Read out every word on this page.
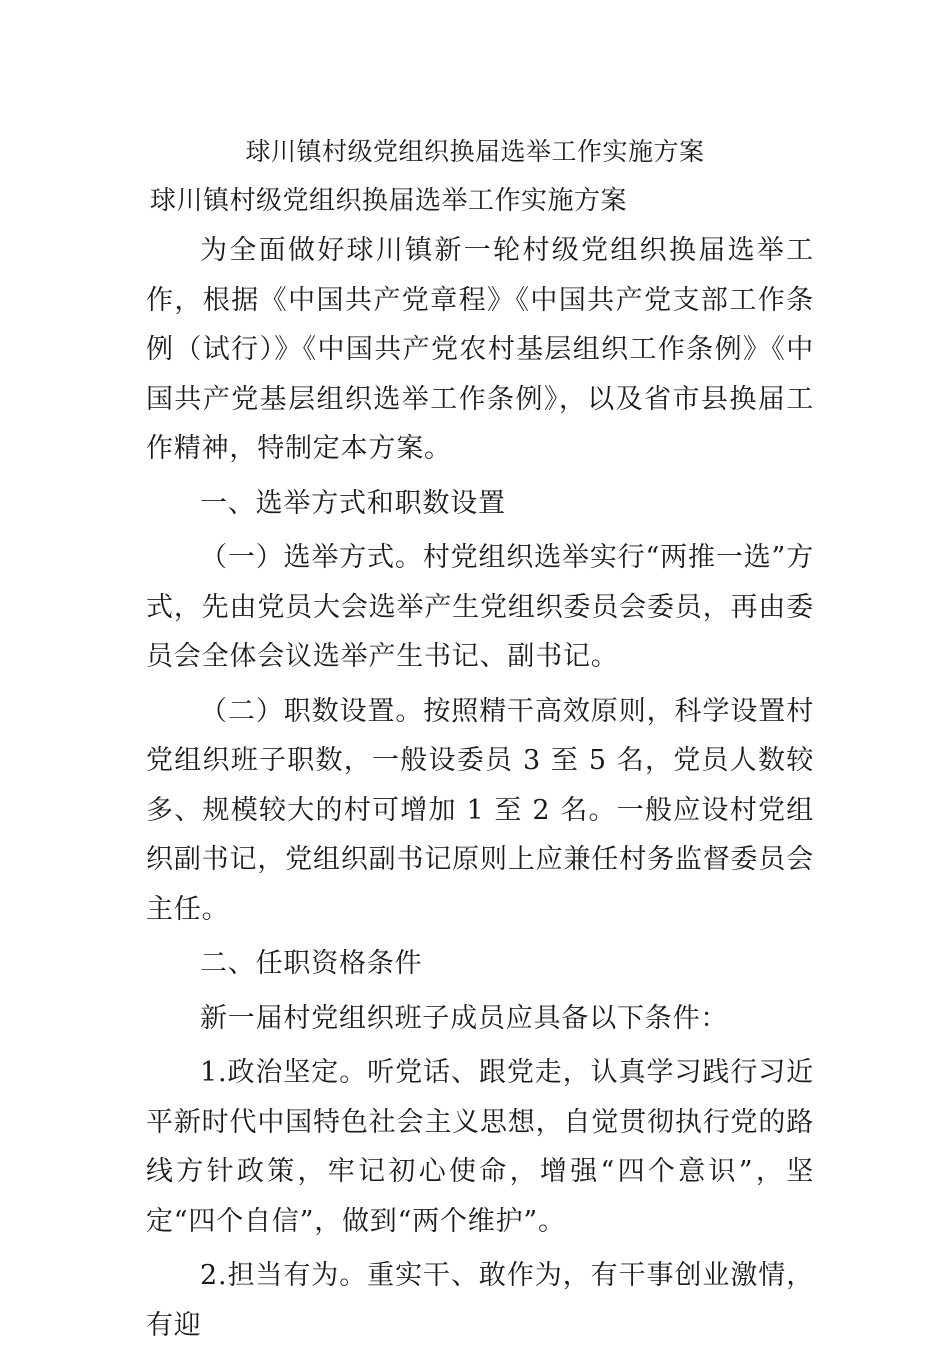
球川镇村级党组织换届选举工作实施方案
球川镇村级党组织换届选举工作实施方案

为全面做好球川镇新一轮村级党组织换届选举工作，根据《中国共产党章程》《中国共产党支部工作条例（试行）》《中国共产党农村基层组织工作条例》《中国共产党基层组织选举工作条例》，以及省市县换届工作精神，特制定本方案。

一、选举方式和职数设置

（一）选举方式。村党组织选举实行“两推一选”方式，先由党员大会选举产生党组织委员会委员，再由委员会全体会议选举产生书记、副书记。

（二）职数设置。按照精干高效原则，科学设置村党组织班子职数，一般设委员 3 至 5 名，党员人数较多、规模较大的村可增加 1 至 2 名。一般应设村党组织副书记，党组织副书记原则上应兼任村务监督委员会主任。

二、任职资格条件

新一届村党组织班子成员应具备以下条件：

1.政治坚定。听党话、跟党走，认真学习践行习近平新时代中国特色社会主义思想，自觉贯彻执行党的路线方针政策，牢记初心使命，增强“四个意识”，坚定“四个自信”，做到“两个维护”。

2.担当有为。重实干、敢作为，有干事创业激情，有迎
